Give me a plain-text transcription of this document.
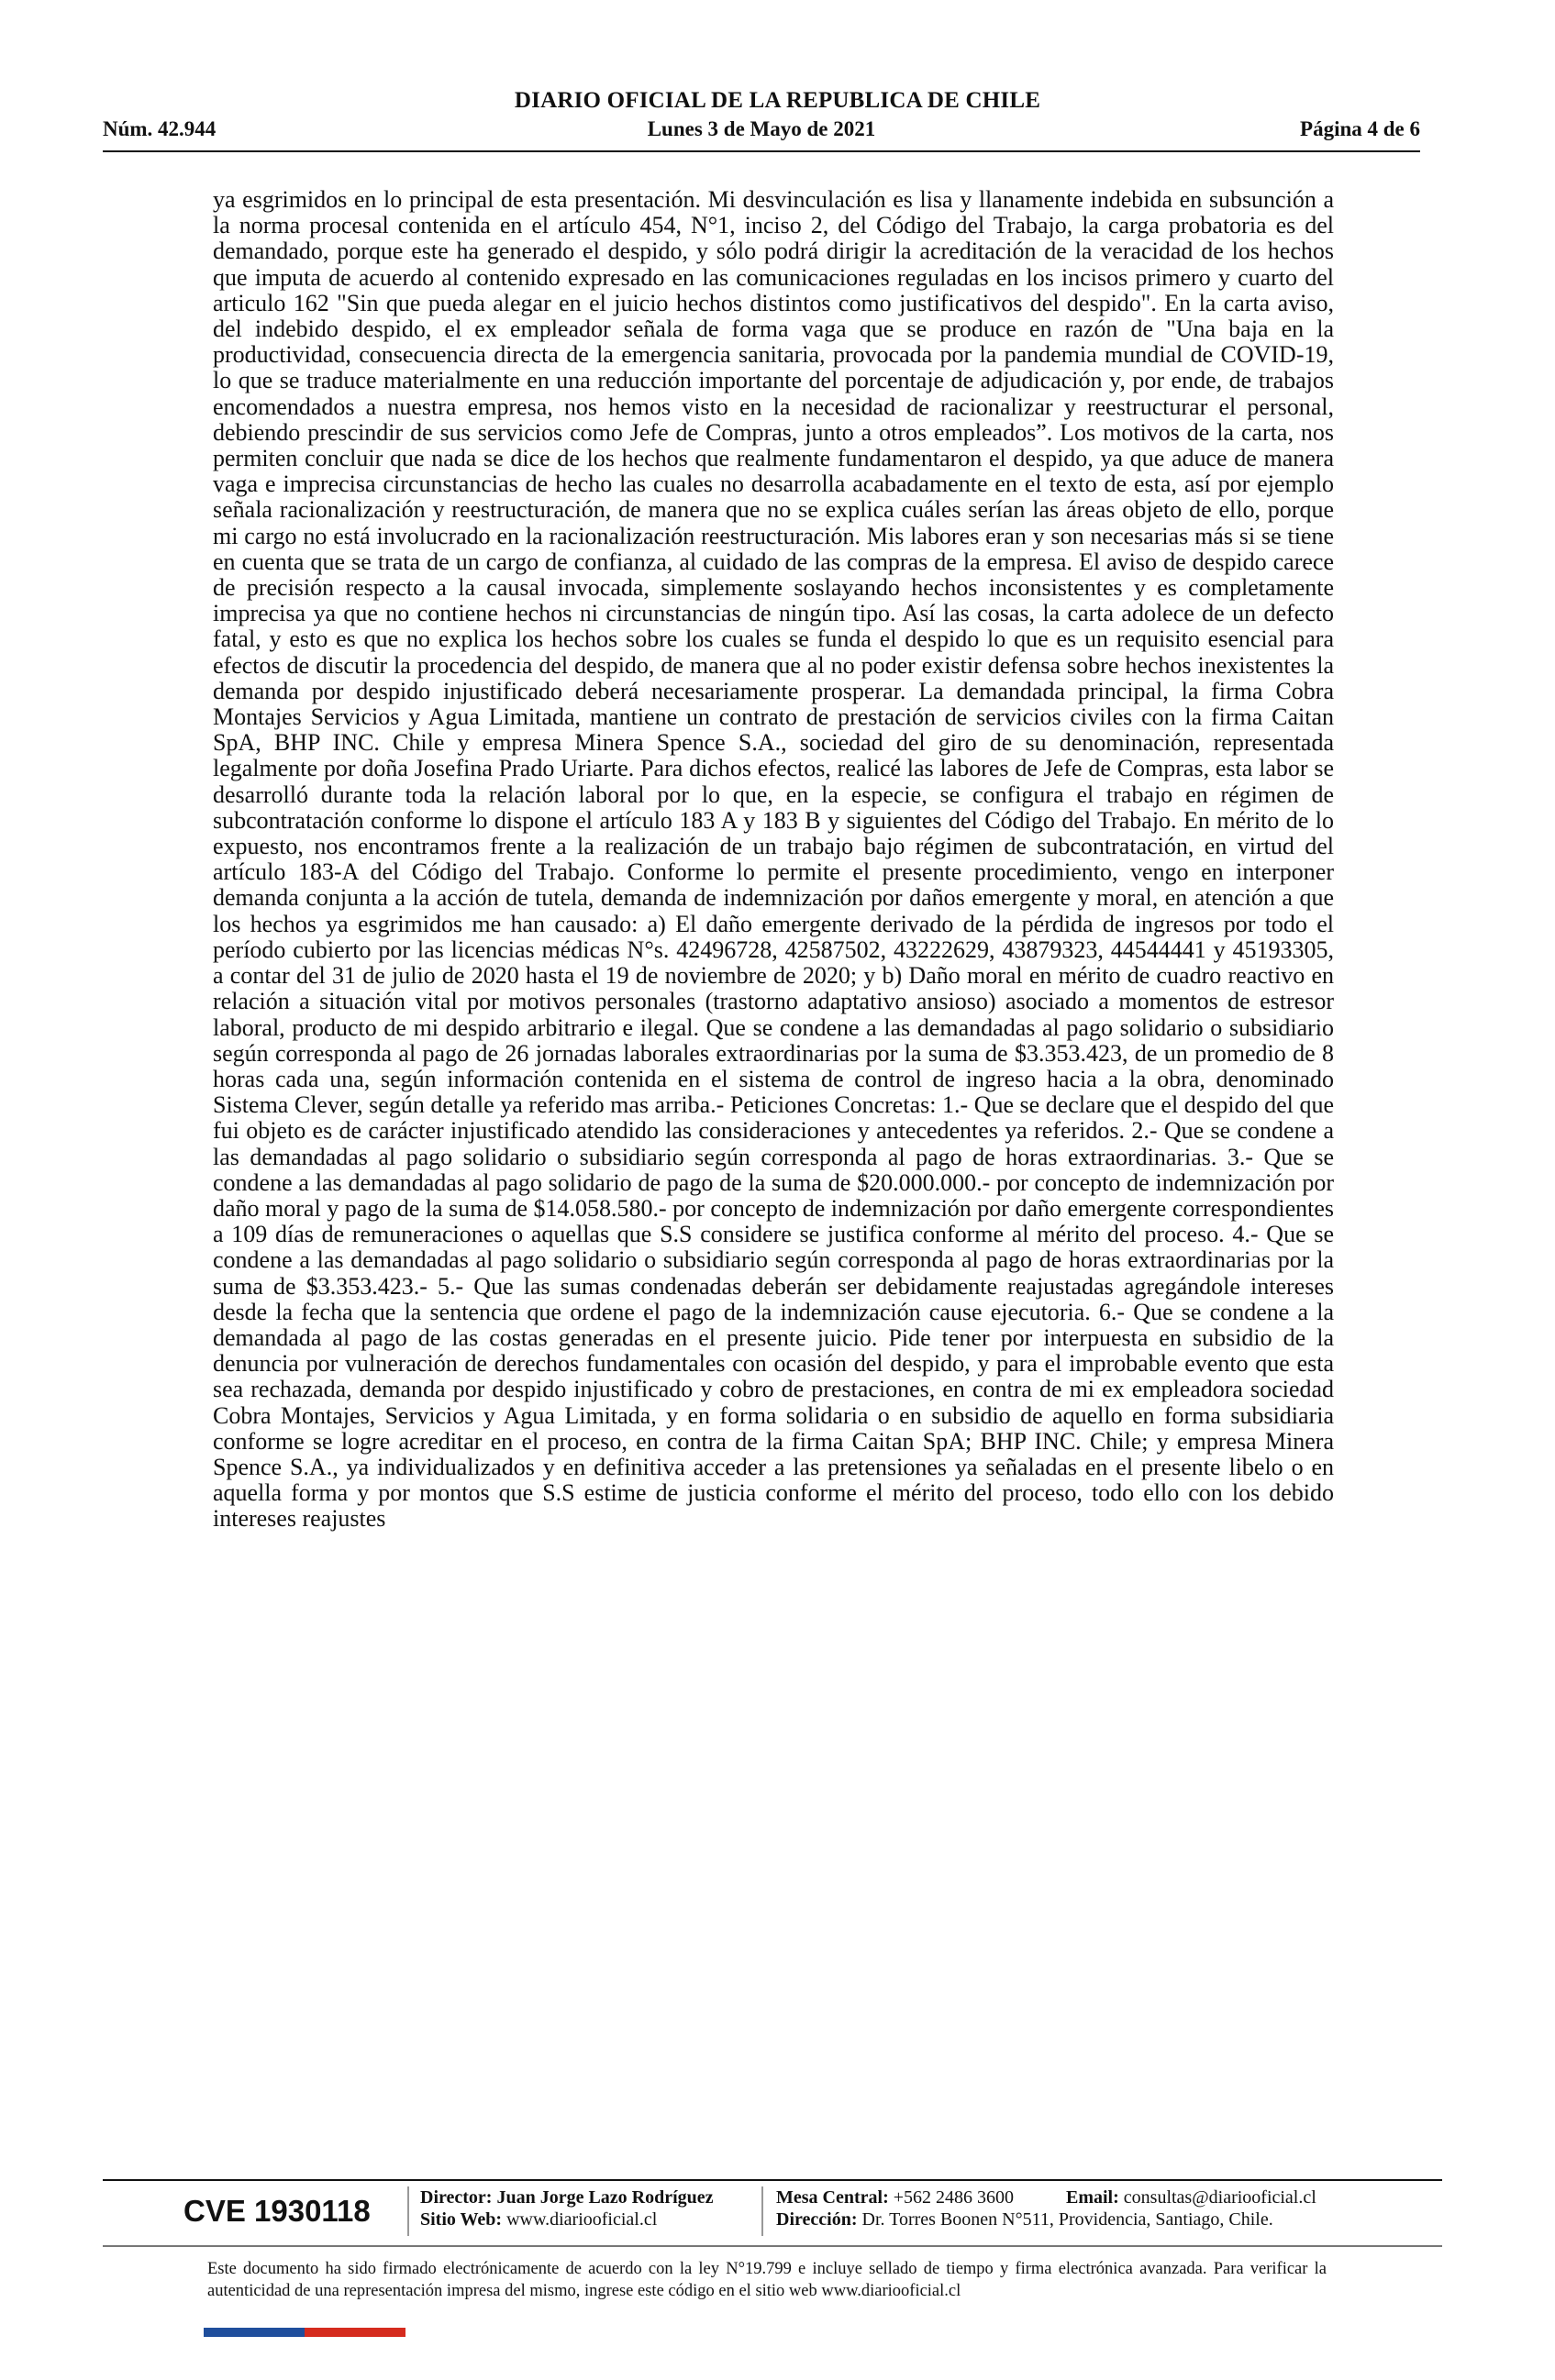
DIARIO OFICIAL DE LA REPUBLICA DE CHILE
Lunes 3 de Mayo de 2021
Núm. 42.944	Página 4 de 6
ya esgrimidos en lo principal de esta presentación. Mi desvinculación es lisa y llanamente indebida en subsunción a la norma procesal contenida en el artículo 454, N°1, inciso 2, del Código del Trabajo, la carga probatoria es del demandado, porque este ha generado el despido, y sólo podrá dirigir la acreditación de la veracidad de los hechos que imputa de acuerdo al contenido expresado en las comunicaciones reguladas en los incisos primero y cuarto del articulo 162 "Sin que pueda alegar en el juicio hechos distintos como justificativos del despido". En la carta aviso, del indebido despido, el ex empleador señala de forma vaga que se produce en razón de "Una baja en la productividad, consecuencia directa de la emergencia sanitaria, provocada por la pandemia mundial de COVID-19, lo que se traduce materialmente en una reducción importante del porcentaje de adjudicación y, por ende, de trabajos encomendados a nuestra empresa, nos hemos visto en la necesidad de racionalizar y reestructurar el personal, debiendo prescindir de sus servicios como Jefe de Compras, junto a otros empleados”. Los motivos de la carta, nos permiten concluir que nada se dice de los hechos que realmente fundamentaron el despido, ya que aduce de manera vaga e imprecisa circunstancias de hecho las cuales no desarrolla acabadamente en el texto de esta, así por ejemplo señala racionalización y reestructuración, de manera que no se explica cuáles serían las áreas objeto de ello, porque mi cargo no está involucrado en la racionalización reestructuración. Mis labores eran y son necesarias más si se tiene en cuenta que se trata de un cargo de confianza, al cuidado de las compras de la empresa. El aviso de despido carece de precisión respecto a la causal invocada, simplemente soslayando hechos inconsistentes y es completamente imprecisa ya que no contiene hechos ni circunstancias de ningún tipo. Así las cosas, la carta adolece de un defecto fatal, y esto es que no explica los hechos sobre los cuales se funda el despido lo que es un requisito esencial para efectos de discutir la procedencia del despido, de manera que al no poder existir defensa sobre hechos inexistentes la demanda por despido injustificado deberá necesariamente prosperar. La demandada principal, la firma Cobra Montajes Servicios y Agua Limitada, mantiene un contrato de prestación de servicios civiles con la firma Caitan SpA, BHP INC. Chile y empresa Minera Spence S.A., sociedad del giro de su denominación, representada legalmente por doña Josefina Prado Uriarte. Para dichos efectos, realicé las labores de Jefe de Compras, esta labor se desarrolló durante toda la relación laboral por lo que, en la especie, se configura el trabajo en régimen de subcontratación conforme lo dispone el artículo 183 A y 183 B y siguientes del Código del Trabajo. En mérito de lo expuesto, nos encontramos frente a la realización de un trabajo bajo régimen de subcontratación, en virtud del artículo 183-A del Código del Trabajo. Conforme lo permite el presente procedimiento, vengo en interponer demanda conjunta a la acción de tutela, demanda de indemnización por daños emergente y moral, en atención a que los hechos ya esgrimidos me han causado: a) El daño emergente derivado de la pérdida de ingresos por todo el período cubierto por las licencias médicas N°s. 42496728, 42587502, 43222629, 43879323, 44544441 y 45193305, a contar del 31 de julio de 2020 hasta el 19 de noviembre de 2020; y b) Daño moral en mérito de cuadro reactivo en relación a situación vital por motivos personales (trastorno adaptativo ansioso) asociado a momentos de estresor laboral, producto de mi despido arbitrario e ilegal. Que se condene a las demandadas al pago solidario o subsidiario según corresponda al pago de 26 jornadas laborales extraordinarias por la suma de $3.353.423, de un promedio de 8 horas cada una, según información contenida en el sistema de control de ingreso hacia a la obra, denominado Sistema Clever, según detalle ya referido mas arriba.- Peticiones Concretas: 1.- Que se declare que el despido del que fui objeto es de carácter injustificado atendido las consideraciones y antecedentes ya referidos. 2.- Que se condene a las demandadas al pago solidario o subsidiario según corresponda al pago de horas extraordinarias. 3.- Que se condene a las demandadas al pago solidario de pago de la suma de $20.000.000.- por concepto de indemnización por daño moral y pago de la suma de $14.058.580.- por concepto de indemnización por daño emergente correspondientes a 109 días de remuneraciones o aquellas que S.S considere se justifica conforme al mérito del proceso. 4.- Que se condene a las demandadas al pago solidario o subsidiario según corresponda al pago de horas extraordinarias por la suma de $3.353.423.- 5.- Que las sumas condenadas deberán ser debidamente reajustadas agregándole intereses desde la fecha que la sentencia que ordene el pago de la indemnización cause ejecutoria. 6.- Que se condene a la demandada al pago de las costas generadas en el presente juicio. Pide tener por interpuesta en subsidio de la denuncia por vulneración de derechos fundamentales con ocasión del despido, y para el improbable evento que esta sea rechazada, demanda por despido injustificado y cobro de prestaciones, en contra de mi ex empleadora sociedad Cobra Montajes, Servicios y Agua Limitada, y en forma solidaria o en subsidio de aquello en forma subsidiaria conforme se logre acreditar en el proceso, en contra de la firma Caitan SpA; BHP INC. Chile; y empresa Minera Spence S.A., ya individualizados y en definitiva acceder a las pretensiones ya señaladas en el presente libelo o en aquella forma y por montos que S.S estime de justicia conforme el mérito del proceso, todo ello con los debido intereses reajustes
CVE 1930118	Director: Juan Jorge Lazo Rodríguez
Sitio Web: www.diariooficial.cl
Mesa Central: +562 2486 3600
Dirección: Dr. Torres Boonen N°511, Providencia, Santiago, Chile.
Email: consultas@diariooficial.cl
Este documento ha sido firmado electrónicamente de acuerdo con la ley N°19.799 e incluye sellado de tiempo y firma electrónica avanzada. Para verificar la autenticidad de una representación impresa del mismo, ingrese este código en el sitio web www.diariooficial.cl
